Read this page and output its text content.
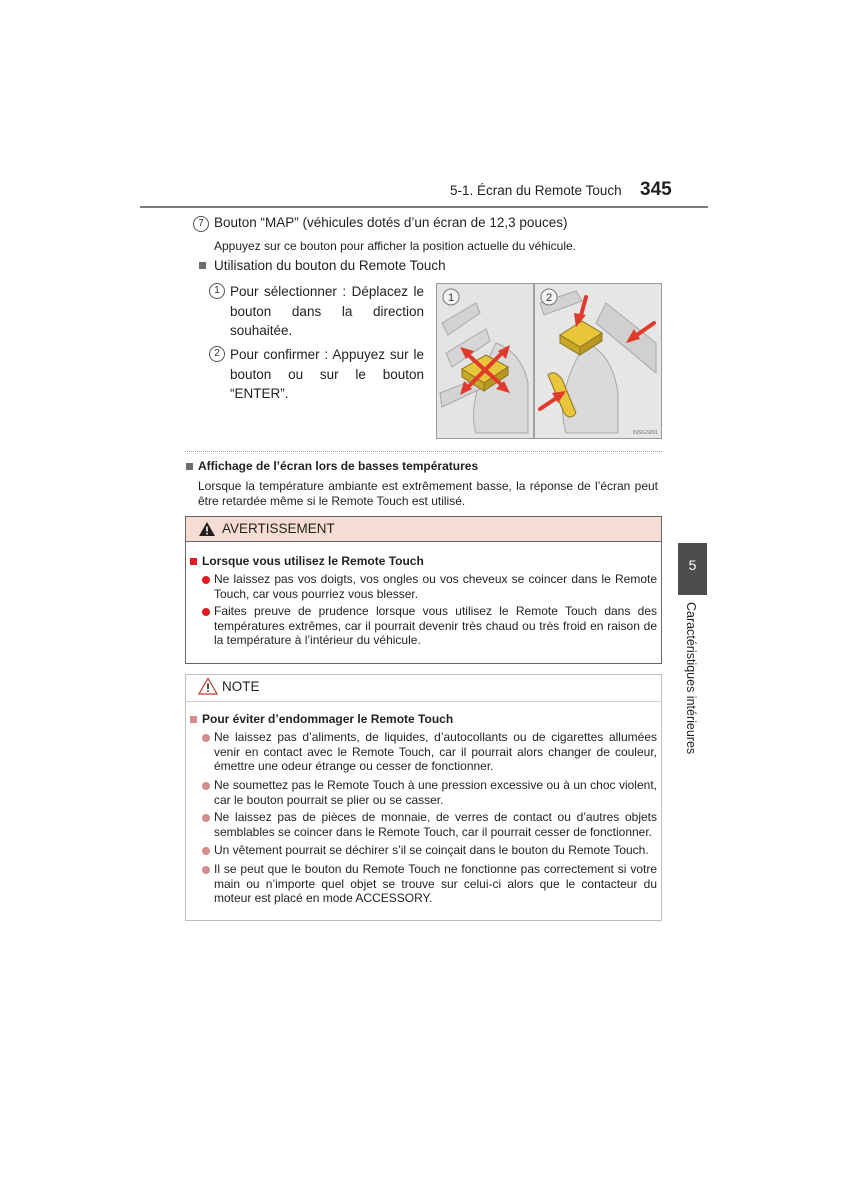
5-1. Écran du Remote Touch 345
7 Bouton “MAP” (véhicules dotés d’un écran de 12,3 pouces)
Appuyez sur ce bouton pour afficher la position actuelle du véhicule.
Utilisation du bouton du Remote Touch
1 Pour sélectionner : Déplacez le bouton dans la direction souhaitée.
2 Pour confirmer : Appuyez sur le bouton ou sur le bouton “ENTER”.
1	2
INSIGS091
Affichage de l’écran lors de basses températures
Lorsque la température ambiante est extrêmement basse, la réponse de l’écran peut être retardée même si le Remote Touch est utilisé.
AVERTISSEMENT
Lorsque vous utilisez le Remote Touch
Ne laissez pas vos doigts, vos ongles ou vos cheveux se coincer dans le Remote Touch, car vous pourriez vous blesser.
Faites preuve de prudence lorsque vous utilisez le Remote Touch dans des températures extrêmes, car il pourrait devenir très chaud ou très froid en raison de la température à l’intérieur du véhicule.
NOTE
Pour éviter d’endommager le Remote Touch
Ne laissez pas d’aliments, de liquides, d’autocollants ou de cigarettes allumées venir en contact avec le Remote Touch, car il pourrait alors changer de couleur, émettre une odeur étrange ou cesser de fonctionner.
Ne soumettez pas le Remote Touch à une pression excessive ou à un choc violent, car le bouton pourrait se plier ou se casser.
Ne laissez pas de pièces de monnaie, de verres de contact ou d’autres objets semblables se coincer dans le Remote Touch, car il pourrait cesser de fonctionner.
Un vêtement pourrait se déchirer s’il se coinçait dans le bouton du Remote Touch.
Il se peut que le bouton du Remote Touch ne fonctionne pas correctement si votre main ou n’importe quel objet se trouve sur celui-ci alors que le contacteur du moteur est placé en mode ACCESSORY.
5
Caractéristiques intérieures
